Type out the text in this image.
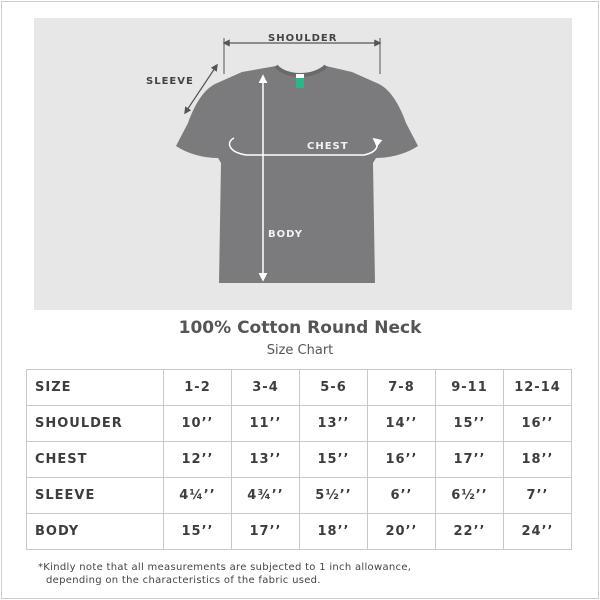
SHOULDER
SLEEVE
CHEST
BODY
100% Cotton Round Neck
Size Chart
SIZE	1-2	3-4	5-6	7-8	9-11	12-14
SHOULDER	10’’	11’’	13’’	14’’	15’’	16’’
CHEST	12’’	13’’	15’’	16’’	17’’	18’’
SLEEVE	4¼’’	4¾’’	5½’’	6’’	6½’’	7’’
BODY	15’’	17’’	18’’	20’’	22’’	24’’
*Kindly note that all measurements are subjected to 1 inch allowance,
depending on the characteristics of the fabric used.
